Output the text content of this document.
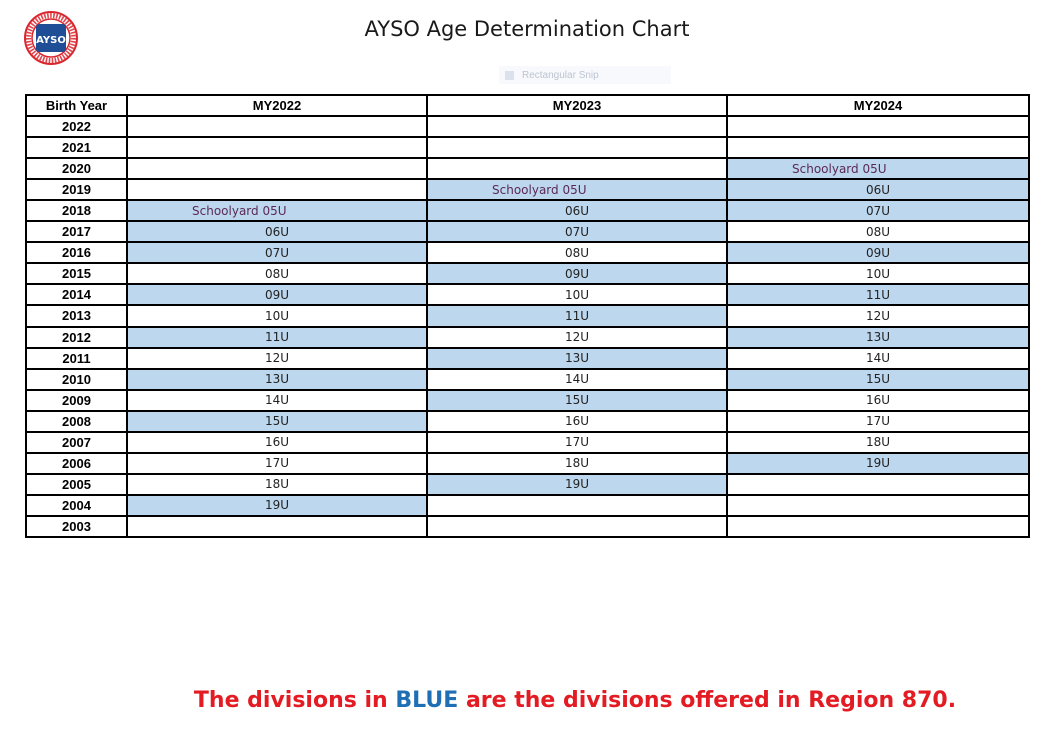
AYSO	AYSO Age Determination Chart
Rectangular Snip
Birth Year	MY2022	MY2023	MY2024
2022			
2021			
2020			Schoolyard 05U
2019		Schoolyard 05U	06U
2018	Schoolyard 05U	06U	07U
2017	06U	07U	08U
2016	07U	08U	09U
2015	08U	09U	10U
2014	09U	10U	11U
2013	10U	11U	12U
2012	11U	12U	13U
2011	12U	13U	14U
2010	13U	14U	15U
2009	14U	15U	16U
2008	15U	16U	17U
2007	16U	17U	18U
2006	17U	18U	19U
2005	18U	19U	
2004	19U		
2003			
The divisions in BLUE are the divisions offered in Region 870.
